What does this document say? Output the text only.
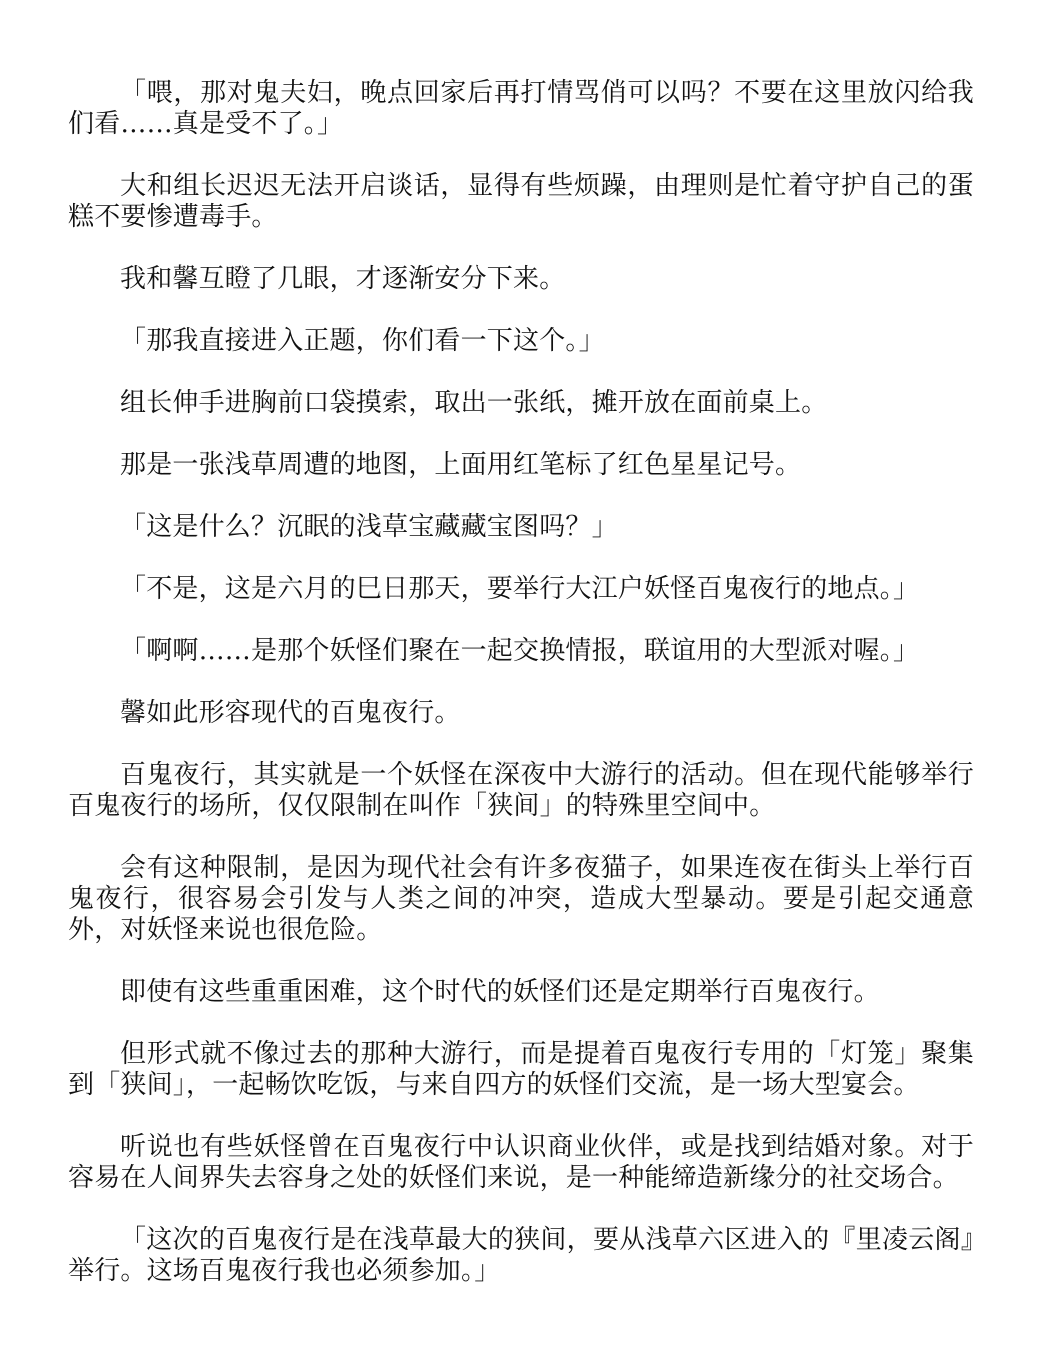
「喂，那对鬼夫妇，晚点回家后再打情骂俏可以吗？不要在这里放闪给我们看……真是受不了。」

大和组长迟迟无法开启谈话，显得有些烦躁，由理则是忙着守护自己的蛋糕不要惨遭毒手。

我和馨互瞪了几眼，才逐渐安分下来。

「那我直接进入正题，你们看一下这个。」

组长伸手进胸前口袋摸索，取出一张纸，摊开放在面前桌上。

那是一张浅草周遭的地图，上面用红笔标了红色星星记号。

「这是什么？沉眠的浅草宝藏藏宝图吗？」

「不是，这是六月的巳日那天，要举行大江户妖怪百鬼夜行的地点。」

「啊啊……是那个妖怪们聚在一起交换情报，联谊用的大型派对喔。」

馨如此形容现代的百鬼夜行。

百鬼夜行，其实就是一个妖怪在深夜中大游行的活动。但在现代能够举行百鬼夜行的场所，仅仅限制在叫作「狭间」的特殊里空间中。

会有这种限制，是因为现代社会有许多夜猫子，如果连夜在街头上举行百鬼夜行，很容易会引发与人类之间的冲突，造成大型暴动。要是引起交通意外，对妖怪来说也很危险。

即使有这些重重困难，这个时代的妖怪们还是定期举行百鬼夜行。

但形式就不像过去的那种大游行，而是提着百鬼夜行专用的「灯笼」聚集到「狭间」，一起畅饮吃饭，与来自四方的妖怪们交流，是一场大型宴会。

听说也有些妖怪曾在百鬼夜行中认识商业伙伴，或是找到结婚对象。对于容易在人间界失去容身之处的妖怪们来说，是一种能缔造新缘分的社交场合。

「这次的百鬼夜行是在浅草最大的狭间，要从浅草六区进入的『里凌云阁』举行。这场百鬼夜行我也必须参加。」
